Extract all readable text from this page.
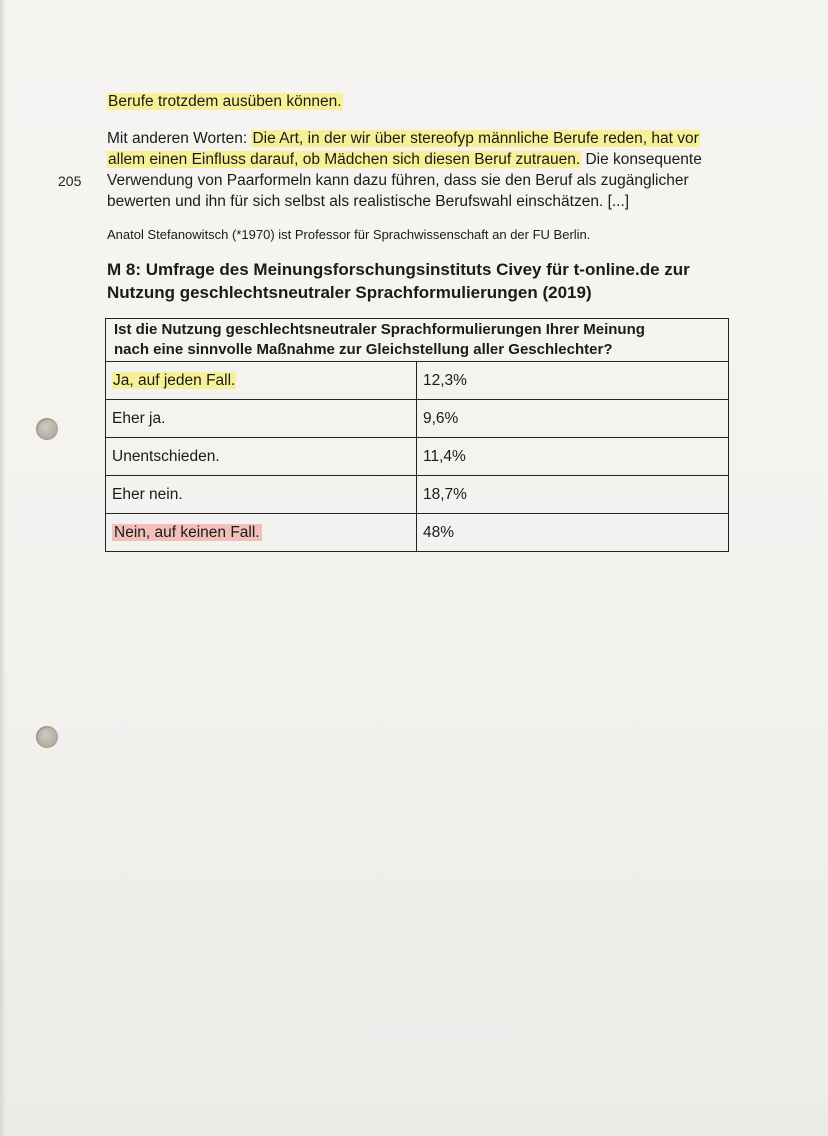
Berufe trotzdem ausüben können.
Mit anderen Worten: Die Art, in der wir über stereofyp männliche Berufe reden, hat vor
allem einen Einfluss darauf, ob Mädchen sich diesen Beruf zutrauen. Die konsequente
205 Verwendung von Paarformeln kann dazu führen, dass sie den Beruf als zugänglicher
bewerten und ihn für sich selbst als realistische Berufswahl einschätzen. [...]
Anatol Stefanowitsch (*1970) ist Professor für Sprachwissenschaft an der FU Berlin.
M 8: Umfrage des Meinungsforschungsinstituts Civey für t-online.de zur
Nutzung geschlechtsneutraler Sprachformulierungen (2019)
Ist die Nutzung geschlechtsneutraler Sprachformulierungen Ihrer Meinung
nach eine sinnvolle Maßnahme zur Gleichstellung aller Geschlechter?	

Ja, auf jeden Fall.	12,3%
Eher ja.	9,6%
Unentschieden.	11,4%
Eher nein.	18,7%
Nein, auf keinen Fall.	48%
